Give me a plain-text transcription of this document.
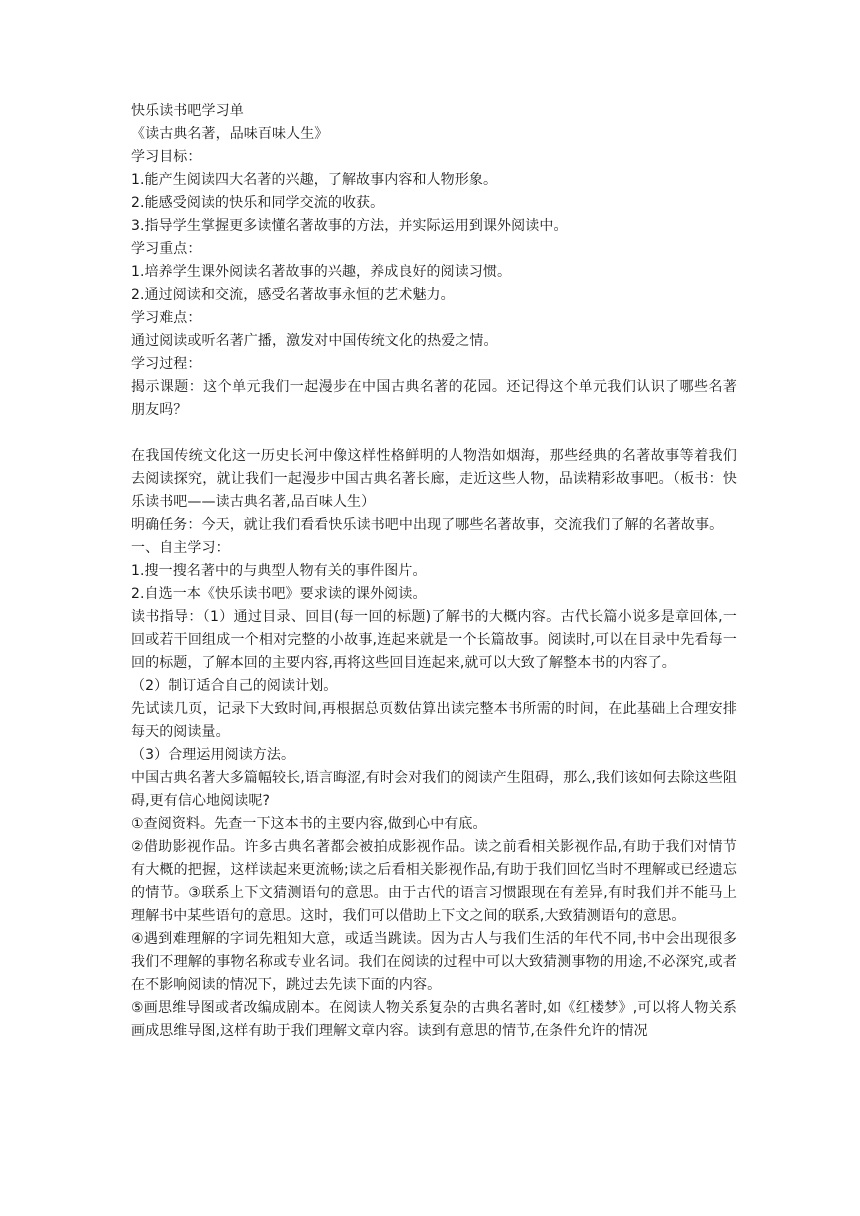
快乐读书吧学习单

《读古典名著，品味百味人生》

学习目标：

1.能产生阅读四大名著的兴趣，了解故事内容和人物形象。

2.能感受阅读的快乐和同学交流的收获。

3.指导学生掌握更多读懂名著故事的方法，并实际运用到课外阅读中。

学习重点：

1.培养学生课外阅读名著故事的兴趣，养成良好的阅读习惯。

2.通过阅读和交流，感受名著故事永恒的艺术魅力。

学习难点：

通过阅读或听名著广播，激发对中国传统文化的热爱之情。

学习过程：

揭示课题：这个单元我们一起漫步在中国古典名著的花园。还记得这个单元我们认识了哪些名著朋友吗？

在我国传统文化这一历史长河中像这样性格鲜明的人物浩如烟海，那些经典的名著故事等着我们去阅读探究，就让我们一起漫步中国古典名著长廊，走近这些人物，品读精彩故事吧。（板书：快乐读书吧——读古典名著,品百味人生）

明确任务：今天，就让我们看看快乐读书吧中出现了哪些名著故事，交流我们了解的名著故事。

一、自主学习：

1.搜一搜名著中的与典型人物有关的事件图片。

2.自选一本《快乐读书吧》要求读的课外阅读。

读书指导：（1）通过目录、回目(每一回的标题)了解书的大概内容。古代长篇小说多是章回体,一回或若干回组成一个相对完整的小故事,连起来就是一个长篇故事。阅读时,可以在目录中先看每一回的标题，了解本回的主要内容,再将这些回目连起来,就可以大致了解整本书的内容了。

（2）制订适合自己的阅读计划。

先试读几页，记录下大致时间,再根据总页数估算出读完整本书所需的时间，在此基础上合理安排每天的阅读量。

（3）合理运用阅读方法。

中国古典名著大多篇幅较长,语言晦涩,有时会对我们的阅读产生阻碍，那么,我们该如何去除这些阻碍,更有信心地阅读呢?

①查阅资料。先查一下这本书的主要内容,做到心中有底。

②借助影视作品。许多古典名著都会被拍成影视作品。读之前看相关影视作品,有助于我们对情节有大概的把握，这样读起来更流畅;读之后看相关影视作品,有助于我们回忆当时不理解或已经遗忘的情节。③联系上下文猜测语句的意思。由于古代的语言习惯跟现在有差异,有时我们并不能马上理解书中某些语句的意思。这时，我们可以借助上下文之间的联系,大致猜测语句的意思。

④遇到难理解的字词先粗知大意，或适当跳读。因为古人与我们生活的年代不同,书中会出现很多我们不理解的事物名称或专业名词。我们在阅读的过程中可以大致猜测事物的用途,不必深究,或者在不影响阅读的情况下，跳过去先读下面的内容。

⑤画思维导图或者改编成剧本。在阅读人物关系复杂的古典名著时,如《红楼梦》,可以将人物关系画成思维导图,这样有助于我们理解文章内容。读到有意思的情节,在条件允许的情况
